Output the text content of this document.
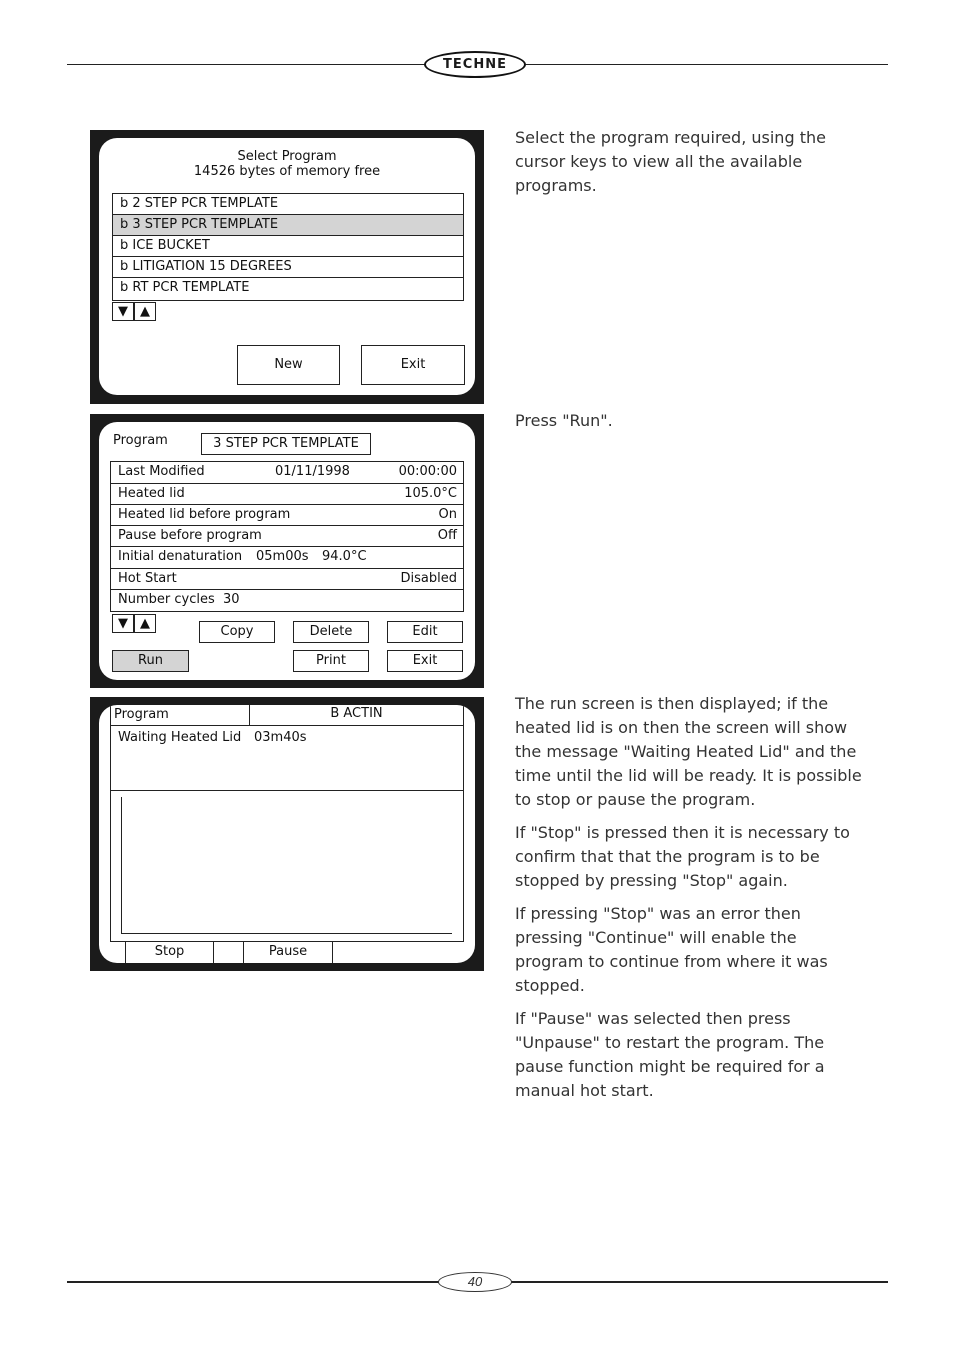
TECHNE
Select Program
14526 bytes of memory free
b 2 STEP PCR TEMPLATE
b 3 STEP PCR TEMPLATE
b ICE BUCKET
b LITIGATION 15 DEGREES
b RT PCR TEMPLATE
▼ ▲
New	Exit
Program	3 STEP PCR TEMPLATE
Last Modified	01/11/1998	00:00:00
Heated lid	105.0°C
Heated lid before program	On
Pause before program	Off
Initial denaturation 05m00s 94.0°C
Hot Start	Disabled
Number cycles 30
▼ ▲
Copy	Delete	Edit
Run	Print	Exit
Program	B ACTIN
Waiting Heated Lid 03m40s
Stop	Pause

Select the program required, using the cursor keys to view all the available programs.

Press "Run".

The run screen is then displayed; if the heated lid is on then the screen will show the message "Waiting Heated Lid" and the time until the lid will be ready. It is possible to stop or pause the program.

If "Stop" is pressed then it is necessary to confirm that that the program is to be stopped by pressing "Stop" again.

If pressing "Stop" was an error then pressing "Continue" will enable the program to continue from where it was stopped.

If "Pause" was selected then press "Unpause" to restart the program. The pause function might be required for a manual hot start.

40
